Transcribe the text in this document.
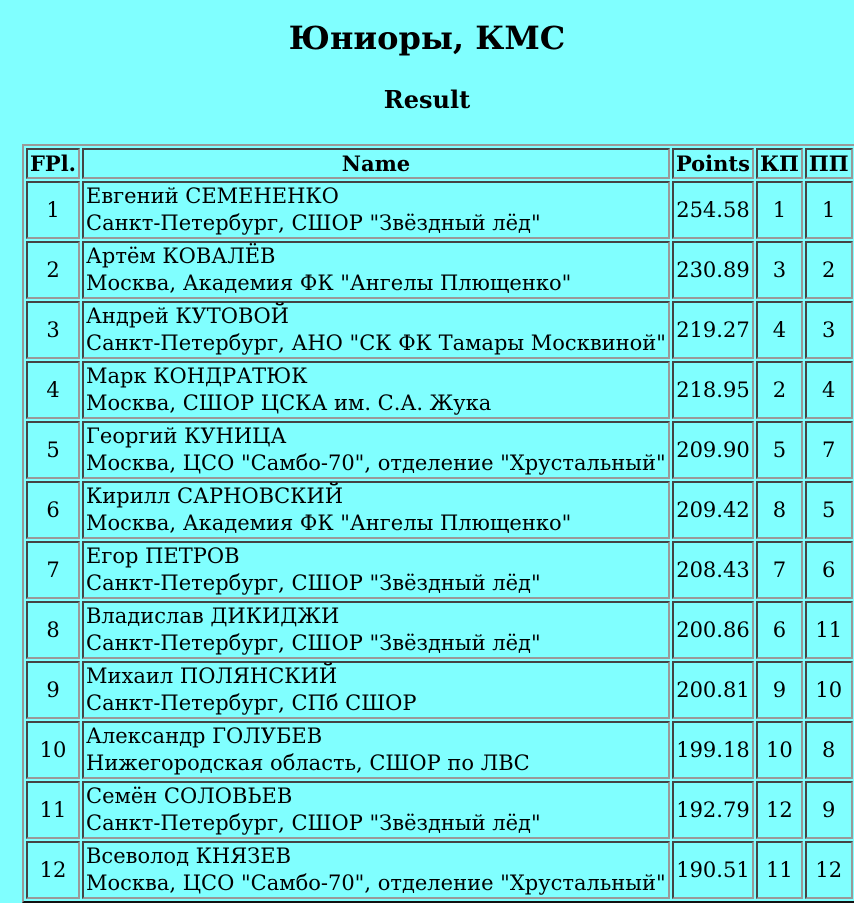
Юниоры, КМС
Result
FPl.	Name	Points	КП	ПП
1	Евгений СЕМЕНЕНКО
Санкт-Петербург, СШОР "Звёздный лёд"	254.58	1	1
2	Артём КОВАЛЁВ
Москва, Академия ФК "Ангелы Плющенко"	230.89	3	2
3	Андрей КУТОВОЙ
Санкт-Петербург, АНО "СК ФК Тамары Москвиной"	219.27	4	3
4	Марк КОНДРАТЮК
Москва, СШОР ЦСКА им. С.А. Жука	218.95	2	4
5	Георгий КУНИЦА
Москва, ЦСО "Самбо-70", отделение "Хрустальный"	209.90	5	7
6	Кирилл САРНОВСКИЙ
Москва, Академия ФК "Ангелы Плющенко"	209.42	8	5
7	Егор ПЕТРОВ
Санкт-Петербург, СШОР "Звёздный лёд"	208.43	7	6
8	Владислав ДИКИДЖИ
Санкт-Петербург, СШОР "Звёздный лёд"	200.86	6	11
9	Михаил ПОЛЯНСКИЙ
Санкт-Петербург, СПб СШОР	200.81	9	10
10	Александр ГОЛУБЕВ
Нижегородская область, СШОР по ЛВС	199.18	10	8
11	Семён СОЛОВЬЕВ
Санкт-Петербург, СШОР "Звёздный лёд"	192.79	12	9
12	Всеволод КНЯЗЕВ
Москва, ЦСО "Самбо-70", отделение "Хрустальный"	190.51	11	12
